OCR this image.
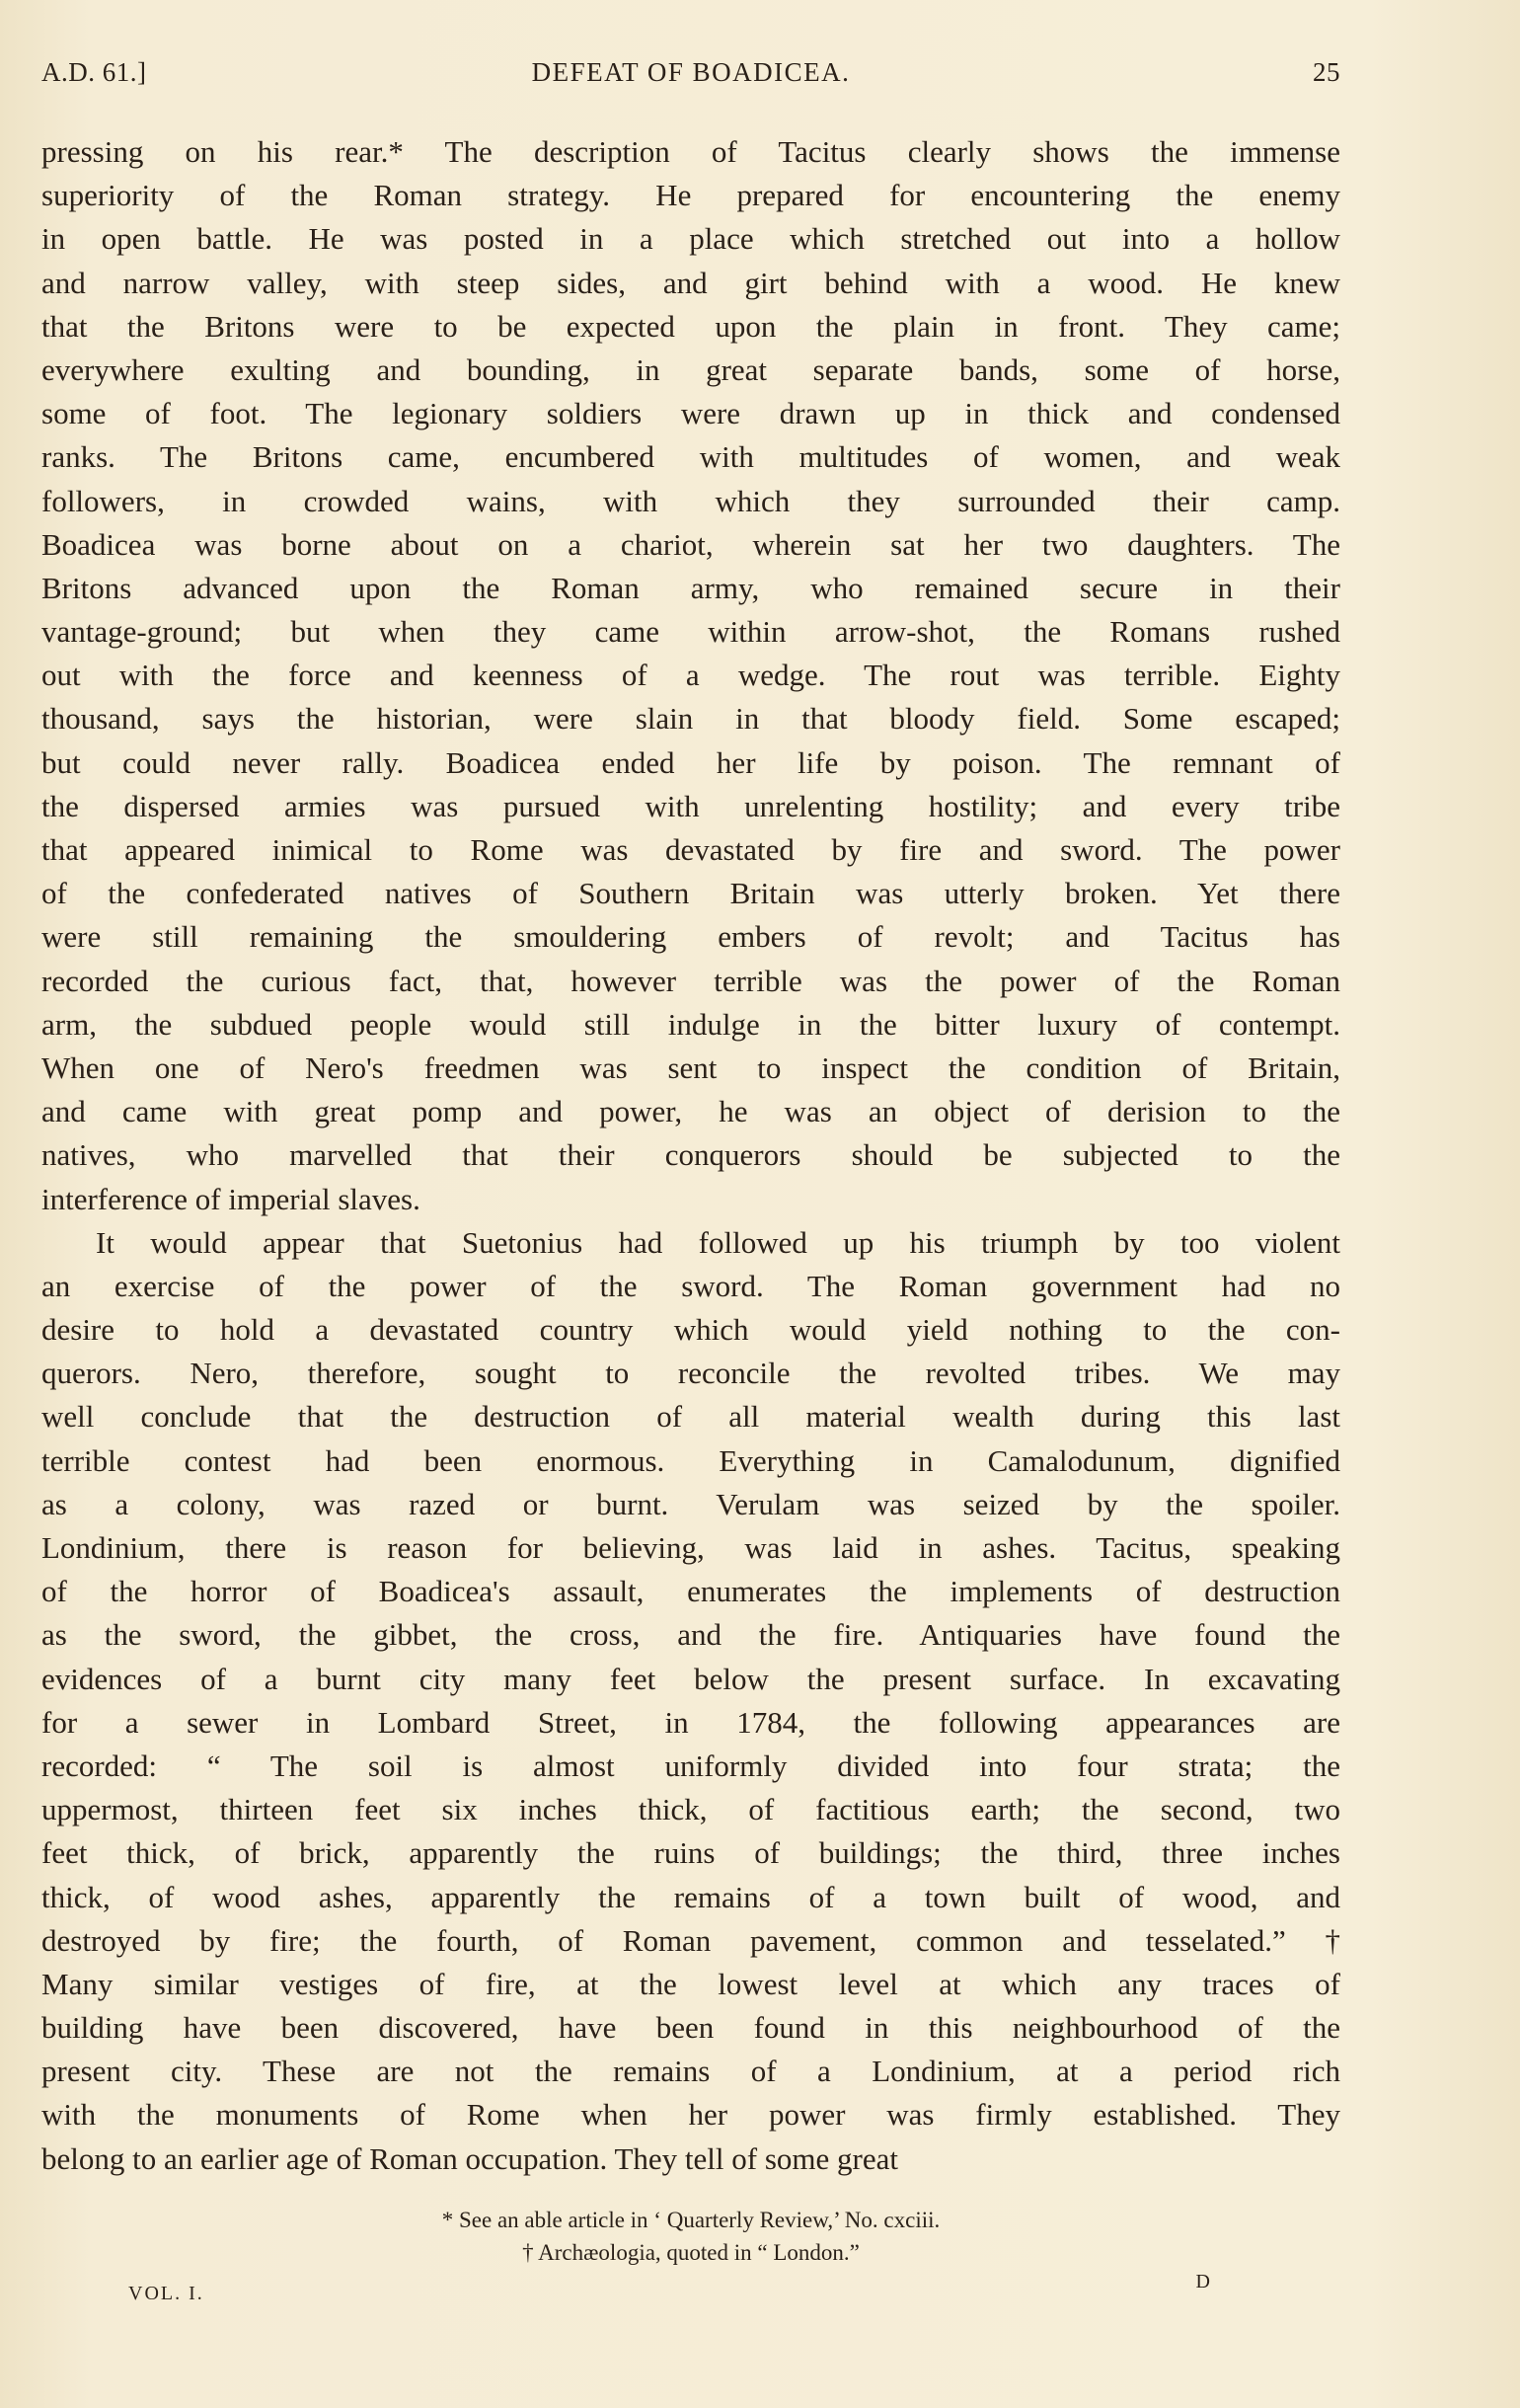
A.D. 61.]	DEFEAT OF BOADICEA.	25
pressing on his rear.* The description of Tacitus clearly shows the immense
superiority of the Roman strategy. He prepared for encountering the enemy
in open battle. He was posted in a place which stretched out into a hollow
and narrow valley, with steep sides, and girt behind with a wood. He knew
that the Britons were to be expected upon the plain in front. They came;
everywhere exulting and bounding, in great separate bands, some of horse,
some of foot. The legionary soldiers were drawn up in thick and condensed
ranks. The Britons came, encumbered with multitudes of women, and weak
followers, in crowded wains, with which they surrounded their camp.
Boadicea was borne about on a chariot, wherein sat her two daughters. The
Britons advanced upon the Roman army, who remained secure in their
vantage-ground; but when they came within arrow-shot, the Romans rushed
out with the force and keenness of a wedge. The rout was terrible. Eighty
thousand, says the historian, were slain in that bloody field. Some escaped;
but could never rally. Boadicea ended her life by poison. The remnant of
the dispersed armies was pursued with unrelenting hostility; and every tribe
that appeared inimical to Rome was devastated by fire and sword. The power
of the confederated natives of Southern Britain was utterly broken. Yet there
were still remaining the smouldering embers of revolt; and Tacitus has
recorded the curious fact, that, however terrible was the power of the Roman
arm, the subdued people would still indulge in the bitter luxury of contempt.
When one of Nero's freedmen was sent to inspect the condition of Britain,
and came with great pomp and power, he was an object of derision to the
natives, who marvelled that their conquerors should be subjected to the
interference of imperial slaves.
It would appear that Suetonius had followed up his triumph by too violent
an exercise of the power of the sword. The Roman government had no
desire to hold a devastated country which would yield nothing to the con-
querors. Nero, therefore, sought to reconcile the revolted tribes. We may
well conclude that the destruction of all material wealth during this last
terrible contest had been enormous. Everything in Camalodunum, dignified
as a colony, was razed or burnt. Verulam was seized by the spoiler.
Londinium, there is reason for believing, was laid in ashes. Tacitus, speaking
of the horror of Boadicea's assault, enumerates the implements of destruction
as the sword, the gibbet, the cross, and the fire. Antiquaries have found the
evidences of a burnt city many feet below the present surface. In excavating
for a sewer in Lombard Street, in 1784, the following appearances are
recorded: “ The soil is almost uniformly divided into four strata; the
uppermost, thirteen feet six inches thick, of factitious earth; the second, two
feet thick, of brick, apparently the ruins of buildings; the third, three inches
thick, of wood ashes, apparently the remains of a town built of wood, and
destroyed by fire; the fourth, of Roman pavement, common and tesselated.” †
Many similar vestiges of fire, at the lowest level at which any traces of
building have been discovered, have been found in this neighbourhood of the
present city. These are not the remains of a Londinium, at a period rich
with the monuments of Rome when her power was firmly established. They
belong to an earlier age of Roman occupation. They tell of some great
* See an able article in ‘ Quarterly Review,’ No. cxciii.
† Archæologia, quoted in “ London.”
VOL. I.
D
